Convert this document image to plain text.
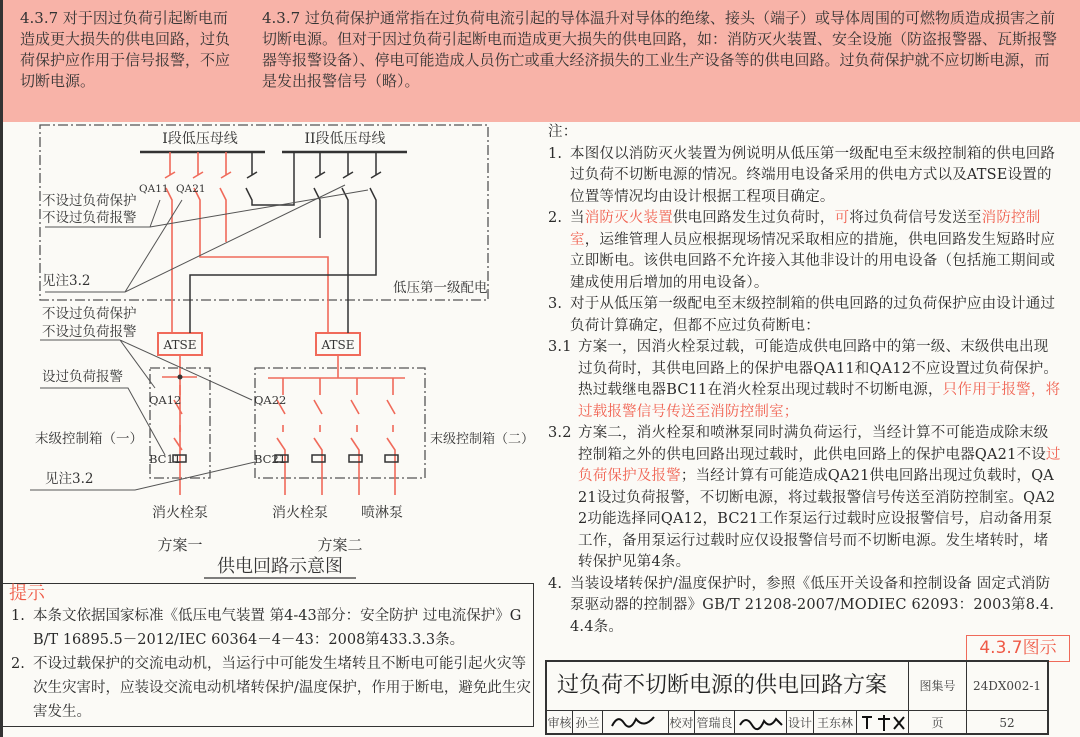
4.3.7 对于因过负荷引起断电而造成更大损失的供电回路，过负荷保护应作用于信号报警，不应切断电源。
4.3.7 过负荷保护通常指在过负荷电流引起的导体温升对导体的绝缘、接头（端子）或导体周围的可燃物质造成损害之前切断电源。但对于因过负荷引起断电而造成更大损失的供电回路，如：消防灭火装置、安全设施（防盗报警器、瓦斯报警器等报警设备）、停电可能造成人员伤亡或重大经济损失的工业生产设备等的供电回路。过负荷保护就不应切断电源，而是发出报警信号（略）。
I段低压母线	II段低压母线
QA11 QA21
不设过负荷保护
不设过负荷报警
见注3.2	低压第一级配电
不设过负荷保护
不设过负荷报警
ATSE	ATSE
设过负荷报警
QA12	QA22
末级控制箱（一）	末级控制箱（二）
BC11	BC21
见注3.2
消火栓泵	消火栓泵 喷淋泵
方案一	方案二
供电回路示意图
注：
1. 本图仅以消防灭火装置为例说明从低压第一级配电至末级控制箱的供电回路过负荷不切断电源的情况。终端用电设备采用的供电方式以及ATSE设置的位置等情况均由设计根据工程项目确定。
2. 当消防灭火装置供电回路发生过负荷时，可将过负荷信号发送至消防控制室，运维管理人员应根据现场情况采取相应的措施，供电回路发生短路时应立即断电。该供电回路不允许接入其他非设计的用电设备（包括施工期间或建成使用后增加的用电设备）。
3. 对于从低压第一级配电至末级控制箱的供电回路的过负荷保护应由设计通过负荷计算确定，但都不应过负荷断电：
3.1 方案一，因消火栓泵过载，可能造成供电回路中的第一级、末级供电出现过负荷时，其供电回路上的保护电器QA11和QA12不应设置过负荷保护。热过载继电器BC11在消火栓泵出现过载时不切断电源，只作用于报警，将过载报警信号传送至消防控制室；
3.2 方案二，消火栓泵和喷淋泵同时满负荷运行，当经计算不可能造成除末级控制箱之外的供电回路出现过载时，此供电回路上的保护电器QA21不设过负荷保护及报警；当经计算有可能造成QA21供电回路出现过负载时，QA21设过负荷报警，不切断电源，将过载报警信号传送至消防控制室。QA22功能选择同QA12，BC21工作泵运行过载时应设报警信号，启动备用泵工作，备用泵运行过载时应仅设报警信号而不切断电源。发生堵转时，堵转保护见第4条。
4. 当装设堵转保护/温度保护时，参照《低压开关设备和控制设备 固定式消防泵驱动器的控制器》GB/T 21208-2007/MODIEC 62093：2003第8.4.4.4条。
提示
1. 本条文依据国家标准《低压电气装置 第4-43部分：安全防护 过电流保护》GB/T 16895.5－2012/IEC 60364－4－43：2008第433.3.3条。
2. 不设过载保护的交流电动机，当运行中可能发生堵转且不断电可能引起火灾等次生灾害时，应装设交流电动机堵转保护/温度保护，作用于断电，避免此生灾害发生。
4.3.7图示
过负荷不切断电源的供电回路方案	图集号	24DX002-1
审核 孙兰	校对 管瑞良	设计 王东林	页	52
